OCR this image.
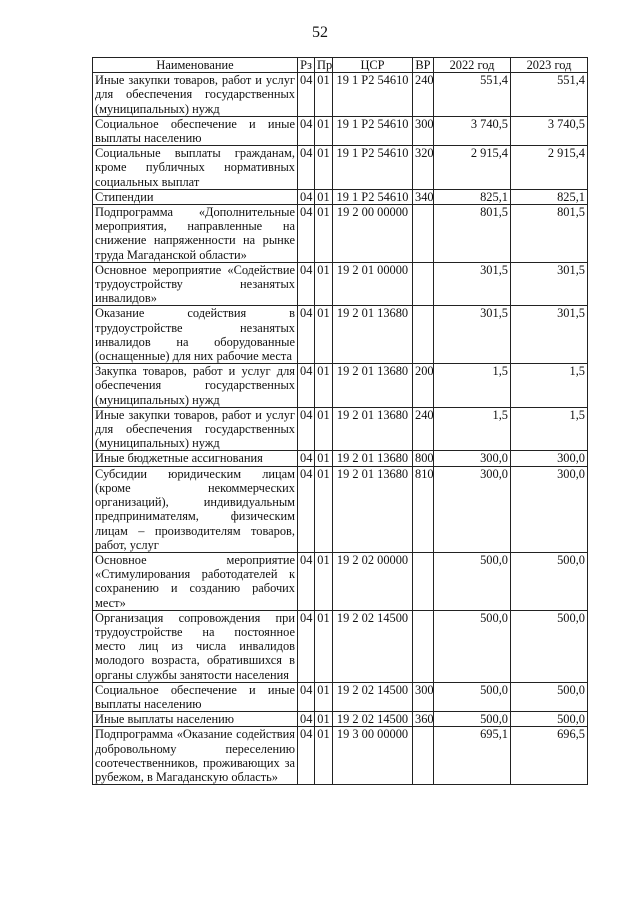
52
Наименование	Рз	Пр	ЦСР	ВР	2022 год	2023 год
Иные закупки товаров, работ и услуг для обеспечения государственных (муниципальных) нужд	04	01	19 1 P2 54610	240	551,4	551,4
Социальное обеспечение и иные выплаты населению	04	01	19 1 P2 54610	300	3 740,5	3 740,5
Социальные выплаты гражданам, кроме публичных нормативных социальных выплат	04	01	19 1 P2 54610	320	2 915,4	2 915,4
Стипендии	04	01	19 1 P2 54610	340	825,1	825,1
Подпрограмма «Дополнительные мероприятия, направленные на снижение напряженности на рынке труда Магаданской области»	04	01	19 2 00 00000		801,5	801,5
Основное мероприятие «Содействие трудоустройству незанятых инвалидов»	04	01	19 2 01 00000		301,5	301,5
Оказание содействия в трудоустройстве незанятых инвалидов на оборудованные (оснащенные) для них рабочие места	04	01	19 2 01 13680		301,5	301,5
Закупка товаров, работ и услуг для обеспечения государственных (муниципальных) нужд	04	01	19 2 01 13680	200	1,5	1,5
Иные закупки товаров, работ и услуг для обеспечения государственных (муниципальных) нужд	04	01	19 2 01 13680	240	1,5	1,5
Иные бюджетные ассигнования	04	01	19 2 01 13680	800	300,0	300,0
Субсидии юридическим лицам (кроме некоммерческих организаций), индивидуальным предпринимателям, физическим лицам – производителям товаров, работ, услуг	04	01	19 2 01 13680	810	300,0	300,0
Основное мероприятие «Стимулирования работодателей к сохранению и созданию рабочих мест»	04	01	19 2 02 00000		500,0	500,0
Организация сопровождения при трудоустройстве на постоянное место лиц из числа инвалидов молодого возраста, обратившихся в органы службы занятости населения	04	01	19 2 02 14500		500,0	500,0
Социальное обеспечение и иные выплаты населению	04	01	19 2 02 14500	300	500,0	500,0
Иные выплаты населению	04	01	19 2 02 14500	360	500,0	500,0
Подпрограмма «Оказание содействия добровольному переселению соотечественников, проживающих за рубежом, в Магаданскую область»	04	01	19 3 00 00000		695,1	696,5
